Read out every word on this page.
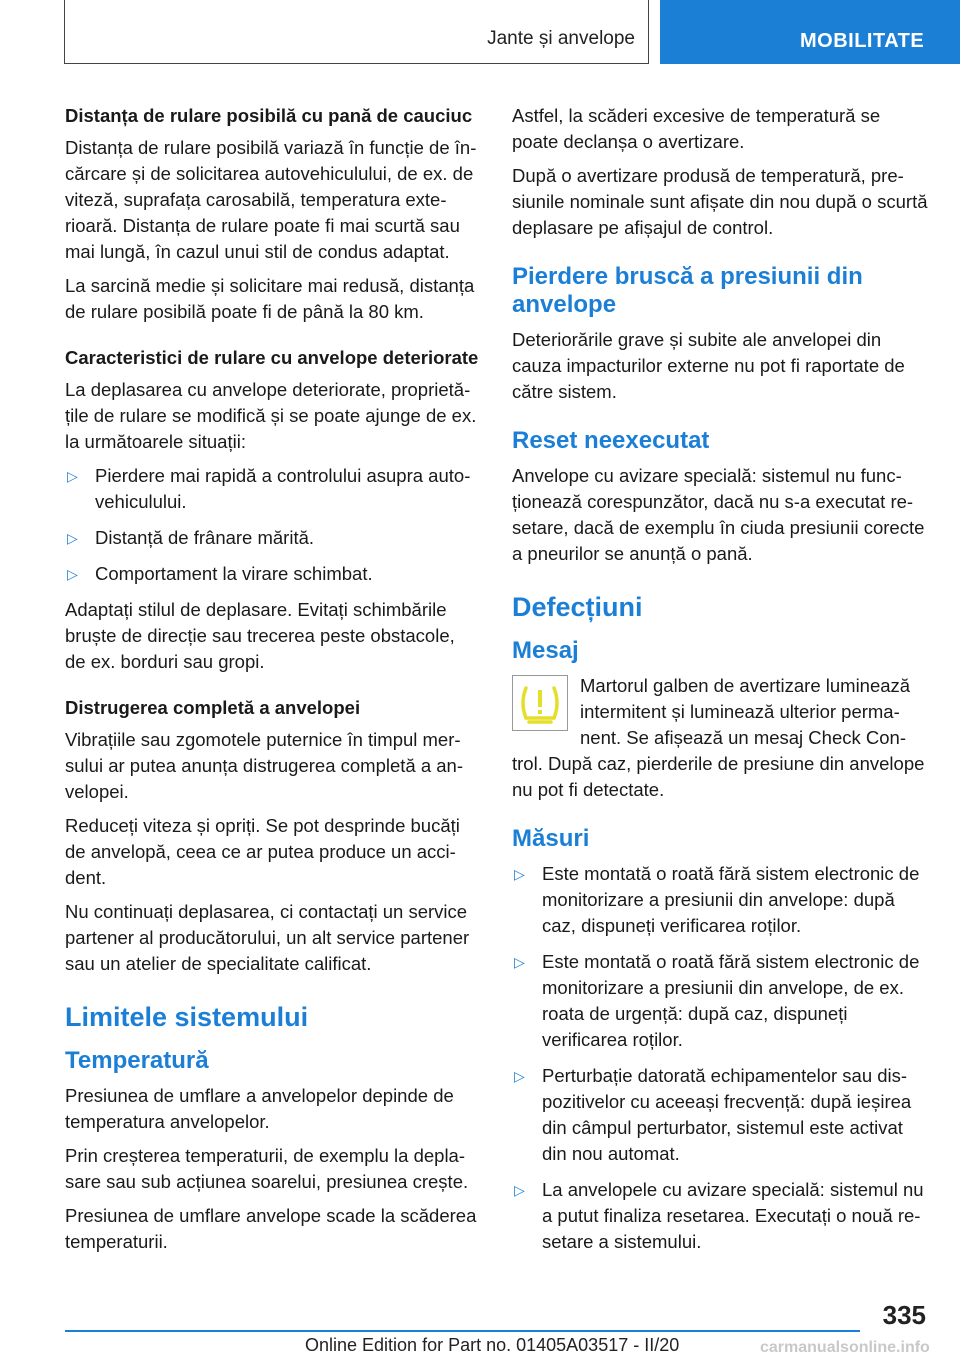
Jante și anvelope	MOBILITATE
Distanța de rulare posibilă cu pană de cauciuc

Distanța de rulare posibilă variază în funcție de încărcare și de solicitarea autovehiculului, de ex. de viteză, suprafața carosabilă, temperatura exterioară. Distanța de rulare poate fi mai scurtă sau mai lungă, în cazul unui stil de condus adaptat.

La sarcină medie și solicitare mai redusă, distanța de rulare posibilă poate fi de până la 80 km.

Caracteristici de rulare cu anvelope deteriorate

La deplasarea cu anvelope deteriorate, proprietățile de rulare se modifică și se poate ajunge de ex. la următoarele situații:

▷ Pierdere mai rapidă a controlului asupra autovehiculului.
▷ Distanță de frânare mărită.
▷ Comportament la virare schimbat.

Adaptați stilul de deplasare. Evitați schimbările bruște de direcție sau trecerea peste obstacole, de ex. borduri sau gropi.

Distrugerea completă a anvelopei

Vibrațiile sau zgomotele puternice în timpul mersului ar putea anunța distrugerea completă a anvelopei.

Reduceți viteza și opriți. Se pot desprinde bucăți de anvelopă, ceea ce ar putea produce un accident.

Nu continuați deplasarea, ci contactați un service partener al producătorului, un alt service partener sau un atelier de specialitate calificat.

Limitele sistemului
Temperatură

Presiunea de umflare a anvelopelor depinde de temperatura anvelopelor.

Prin creșterea temperaturii, de exemplu la deplasare sau sub acțiunea soarelui, presiunea crește.

Presiunea de umflare anvelope scade la scăderea temperaturii.

Astfel, la scăderi excesive de temperatură se poate declanșa o avertizare.

După o avertizare produsă de temperatură, presiunile nominale sunt afișate din nou după o scurtă deplasare pe afișajul de control.

Pierdere bruscă a presiunii din anvelope

Deteriorările grave și subite ale anvelopei din cauza impacturilor externe nu pot fi raportate de către sistem.

Reset neexecutat

Anvelope cu avizare specială: sistemul nu funcționează corespunzător, dacă nu s-a executat resetare, dacă de exemplu în ciuda presiunii corecte a pneurilor se anunță o pană.

Defecțiuni
Mesaj

Martorul galben de avertizare luminează intermitent și luminează ulterior permanent. Se afișează un mesaj Check Control. După caz, pierderile de presiune din anvelope nu pot fi detectate.

Măsuri
▷ Este montată o roată fără sistem electronic de monitorizare a presiunii din anvelope: după caz, dispuneți verificarea roților.
▷ Este montată o roată fără sistem electronic de monitorizare a presiunii din anvelope, de ex. roata de urgență: după caz, dispuneți verificarea roților.
▷ Perturbație datorată echipamentelor sau dispozitivelor cu aceeași frecvență: după ieșirea din câmpul perturbator, sistemul este activat din nou automat.
▷ La anvelopele cu avizare specială: sistemul nu a putut finaliza resetarea. Executați o nouă resetare a sistemului.
335
Online Edition for Part no. 01405A03517 - II/20	carmanualsonline.info
